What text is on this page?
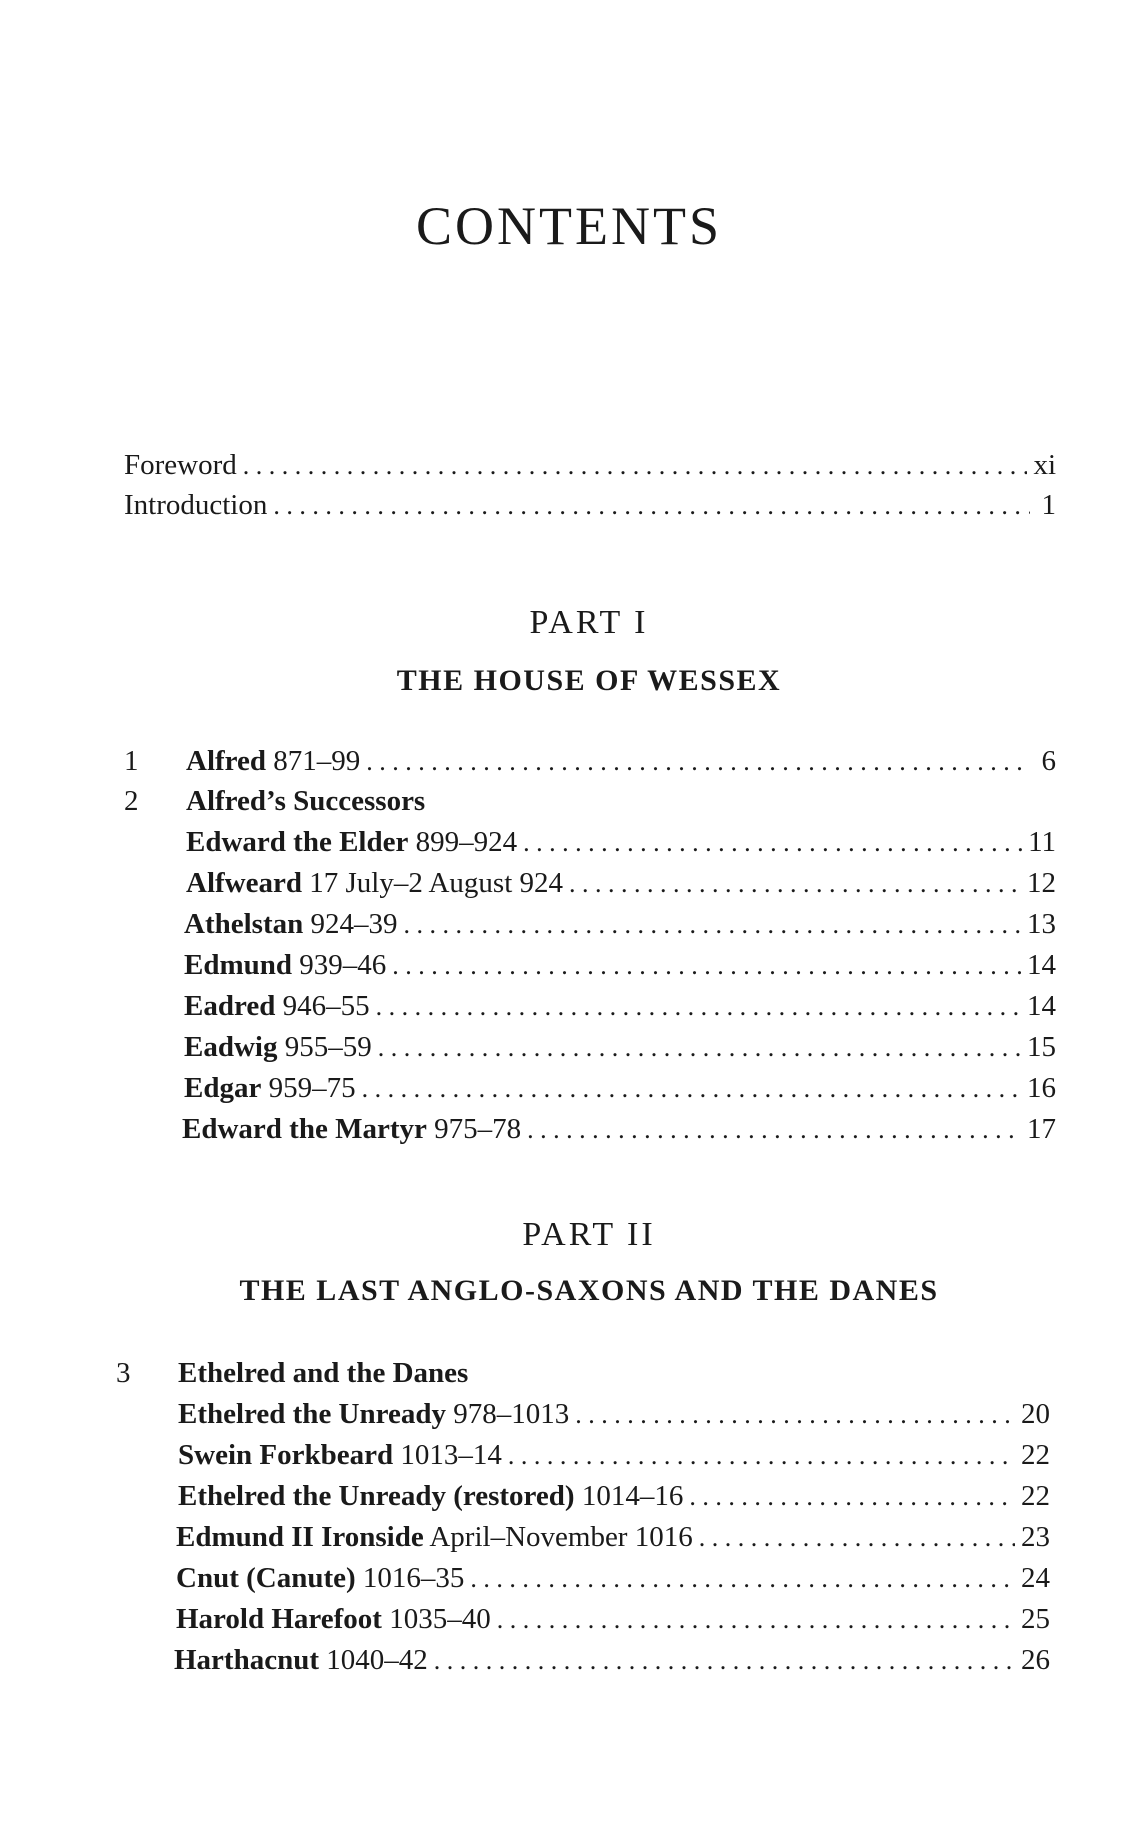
CONTENTS
Foreword . . .	xi
Introduction . . .	1
PART I
THE HOUSE OF WESSEX
1 Alfred 871–99 . . .	6
2 Alfred’s Successors
Edward the Elder 899–924 . . .	11
Alfweard 17 July–2 August 924 . . .	12
Athelstan 924–39 . . .	13
Edmund 939–46 . . .	14
Eadred 946–55 . . .	14
Eadwig 955–59 . . .	15
Edgar 959–75 . . .	16
Edward the Martyr 975–78 . . .	17
PART II
THE LAST ANGLO-SAXONS AND THE DANES
3 Ethelred and the Danes
Ethelred the Unready 978–1013 . . .	20
Swein Forkbeard 1013–14 . . .	22
Ethelred the Unready (restored) 1014–16 . . .	22
Edmund II Ironside April–November 1016 . . .	23
Cnut (Canute) 1016–35 . . .	24
Harold Harefoot 1035–40 . . .	25
Harthacnut 1040–42 . . .	26
